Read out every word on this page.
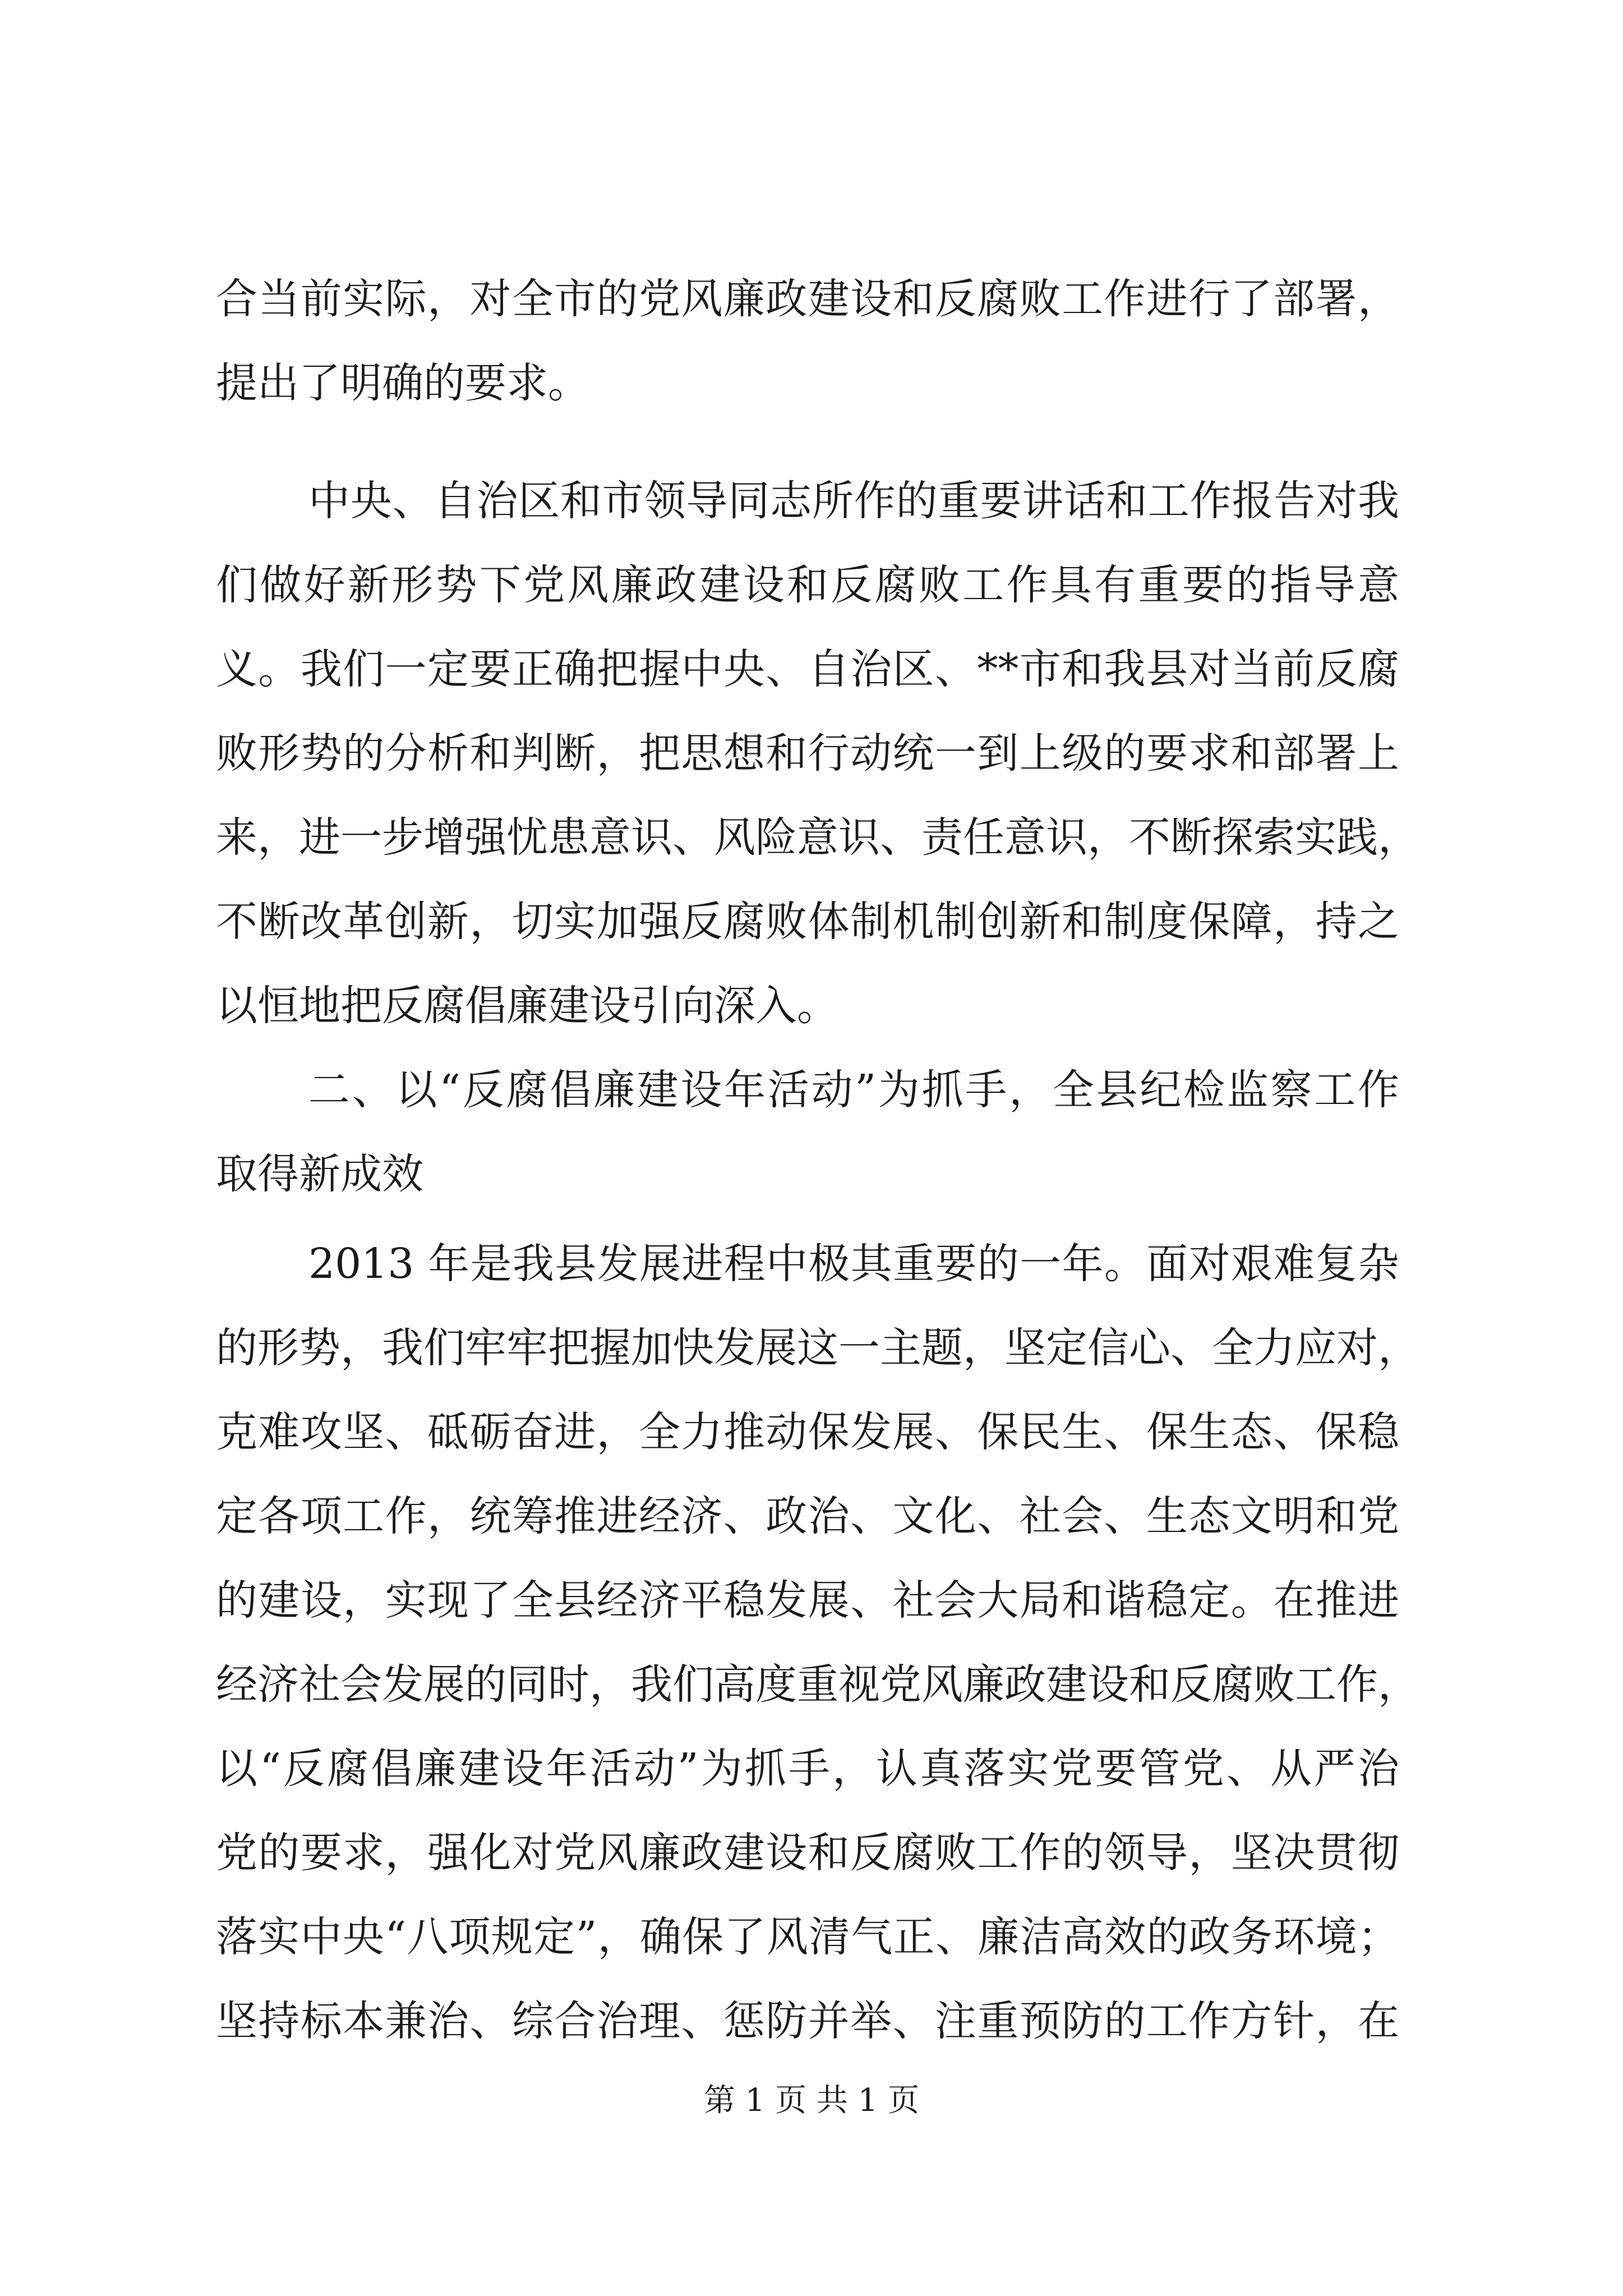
合当前实际，对全市的党风廉政建设和反腐败工作进行了部署，
提出了明确的要求。
中央、自治区和市领导同志所作的重要讲话和工作报告对我
们做好新形势下党风廉政建设和反腐败工作具有重要的指导意
义。我们一定要正确把握中央、自治区、**市和我县对当前反腐
败形势的分析和判断，把思想和行动统一到上级的要求和部署上
来，进一步增强忧患意识、风险意识、责任意识，不断探索实践，
不断改革创新，切实加强反腐败体制机制创新和制度保障，持之
以恒地把反腐倡廉建设引向深入。
二、以“反腐倡廉建设年活动”为抓手，全县纪检监察工作
取得新成效
2013 年是我县发展进程中极其重要的一年。面对艰难复杂
的形势，我们牢牢把握加快发展这一主题，坚定信心、全力应对，
克难攻坚、砥砺奋进，全力推动保发展、保民生、保生态、保稳
定各项工作，统筹推进经济、政治、文化、社会、生态文明和党
的建设，实现了全县经济平稳发展、社会大局和谐稳定。在推进
经济社会发展的同时，我们高度重视党风廉政建设和反腐败工作，
以“反腐倡廉建设年活动”为抓手，认真落实党要管党、从严治
党的要求，强化对党风廉政建设和反腐败工作的领导，坚决贯彻
落实中央“八项规定”，确保了风清气正、廉洁高效的政务环境；
坚持标本兼治、综合治理、惩防并举、注重预防的工作方针，在
第 1 页 共 1 页
